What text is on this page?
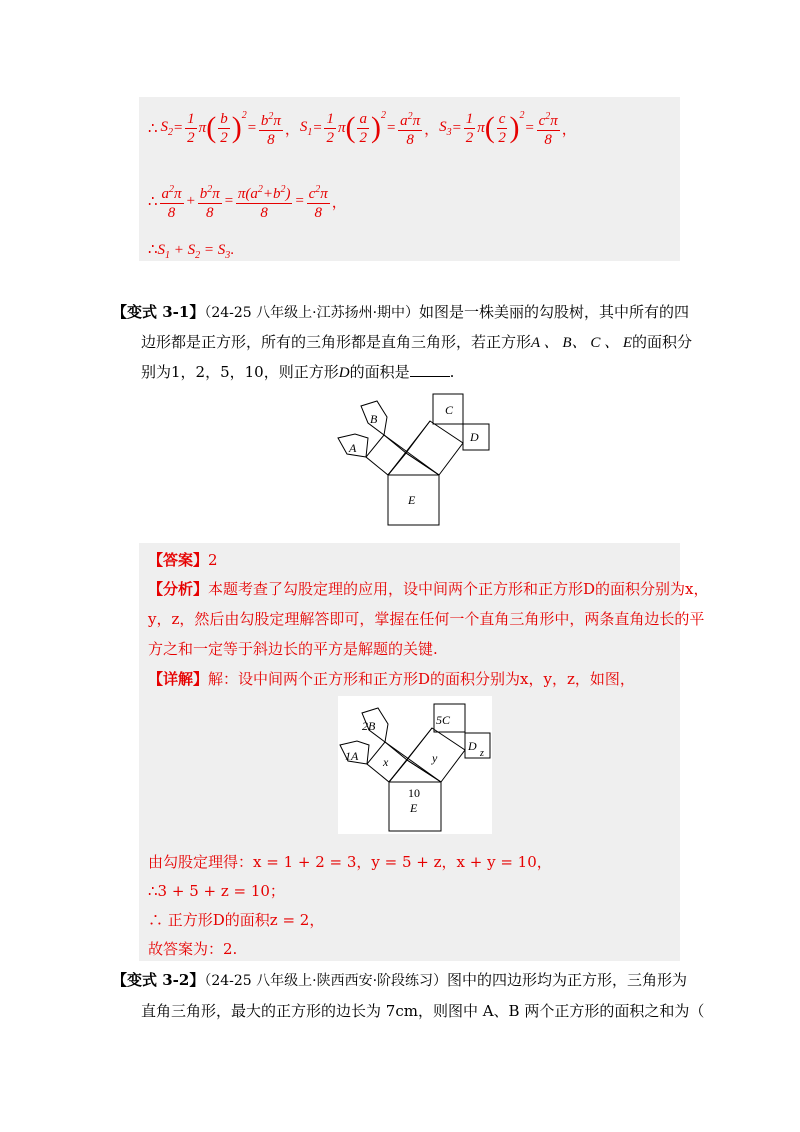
∴ $S_2 = \frac{1}{2}$ π ( $\frac{b}{2} )^2$
= $\frac{b^2\pi}{8}$ ， $S_1 = \frac{1}{2}$ π ( $\frac{a}{2} )^2$
= $\frac{a^2\pi}{8}$ ， $S_3 = \frac{1}{2}$ π ( $\frac{c}{2} )^2$
= $\frac{c^2\pi}{8}$ ，
∴ $\frac{a^2\pi}{8} + \frac{b^2\pi}{8} = \frac{\pi(a^2+b^2)}{8} = \frac{c^2\pi}{8}$ ，
$\therefore S_1 + S_2 = S_3$.
【变式 3-1】（24-25 八年级上·江苏扬州·期中）如图是一株美丽的勾股树，其中所有的四
边形都是正方形，所有的三角形都是直角三角形，若正方形A 、 B、 C 、 E的面积分
别为1，2，5，10，则正方形D的面积是	.
B
A
C
D
E
【答案】2
【分析】本题考查了勾股定理的应用，设中间两个正方形和正方形D的面积分别为x，
y，z，然后由勾股定理解答即可，掌握在任何一个直角三角形中，两条直角边长的平
方之和一定等于斜边长的平方是解题的关键.
【详解】解：设中间两个正方形和正方形D的面积分别为x，y，z，如图，
2B
1A
5C
D
z
x	y
10
E
由勾股定理得：x = 1 + 2 = 3，y = 5 + z，x + y = 10，
∴3 + 5 + z = 10；
∴ 正方形D的面积z = 2，
故答案为：2.
【变式 3-2】（24-25 八年级上·陕西西安·阶段练习）图中的四边形均为正方形，三角形为
直角三角形，最大的正方形的边长为 7cm，则图中 A、B 两个正方形的面积之和为（
